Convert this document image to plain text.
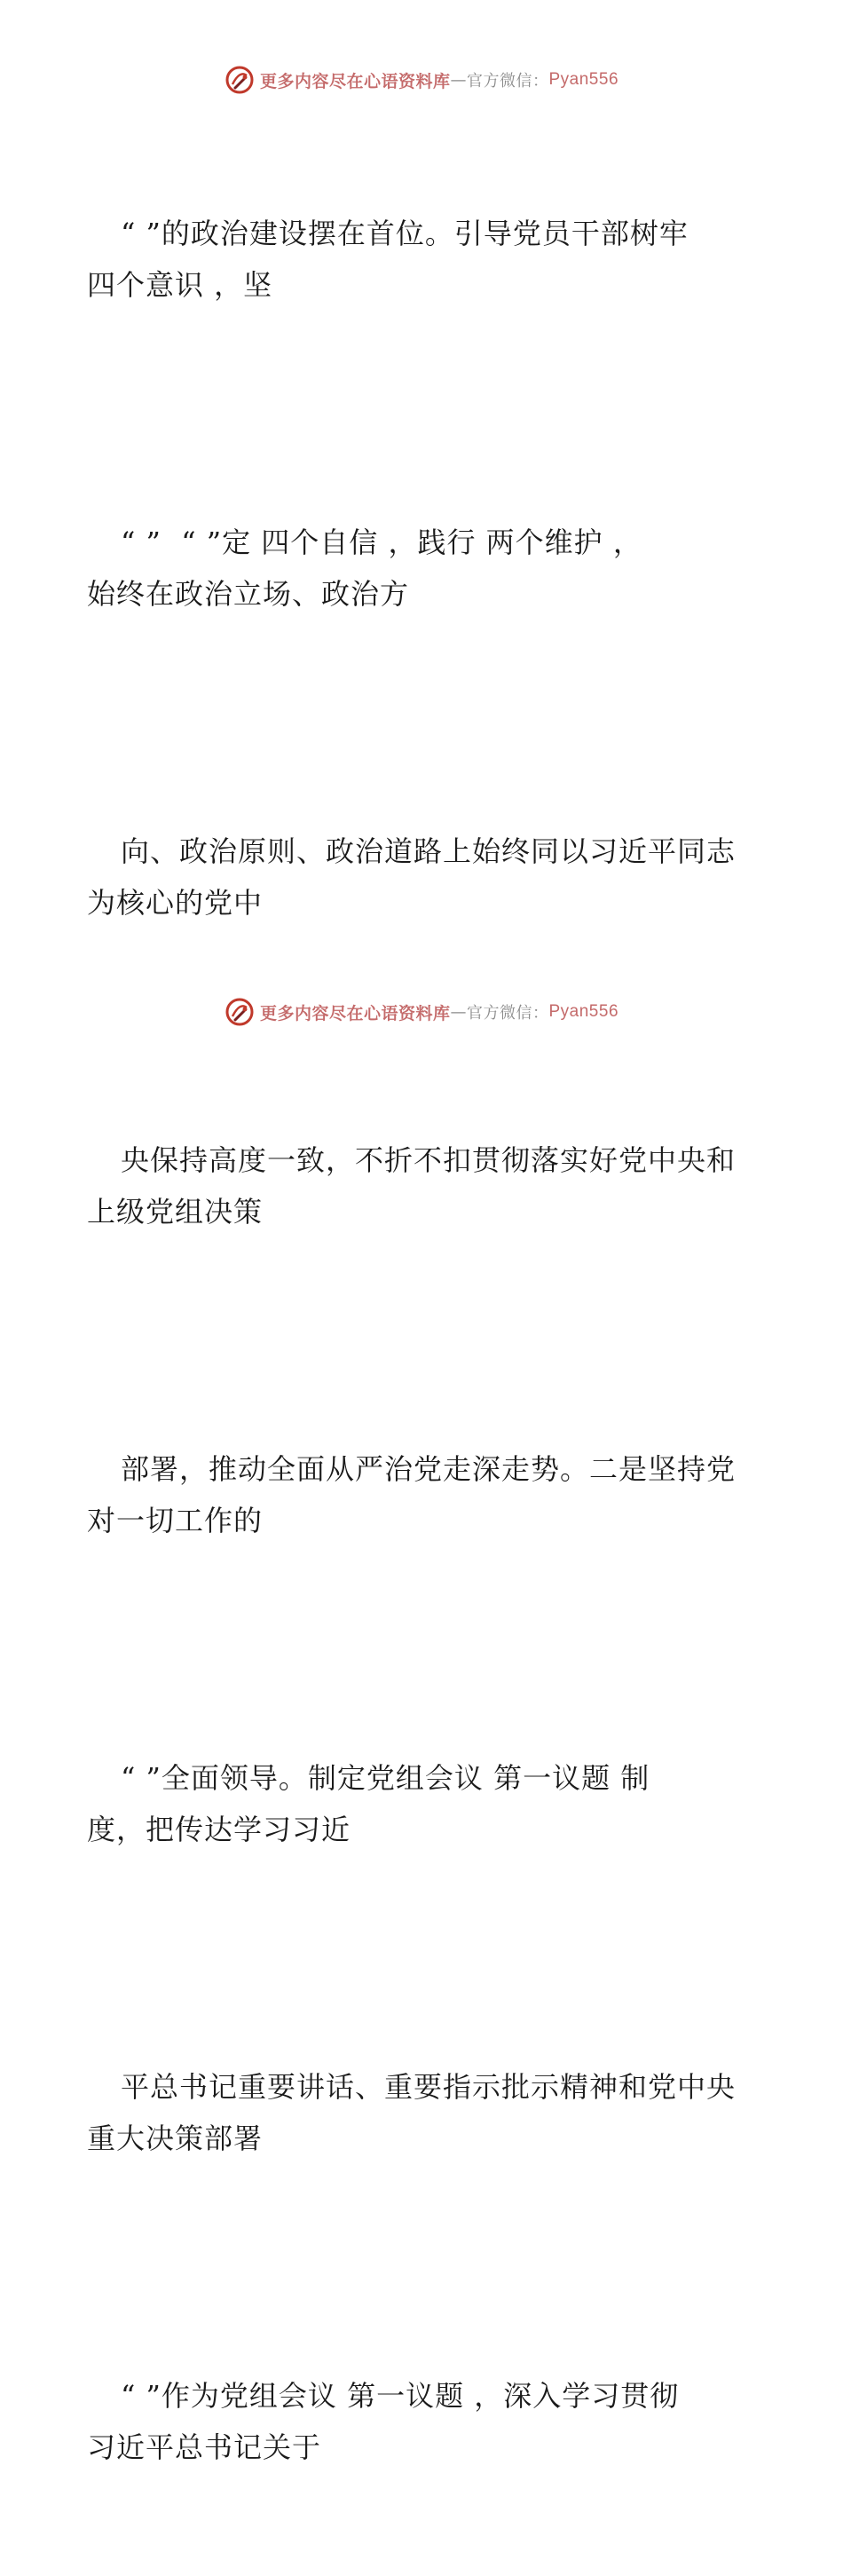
更多内容尽在心语资料库 — 官方微信： Pyan556

“ ”的政治建设摆在首位。引导党员干部树牢
四个意识 ，坚

“ ”  “ ”定 四个自信 ，践行 两个维护 ，
始终在政治立场、政治方

向、政治原则、政治道路上始终同以习近平同志
为核心的党中

央保持高度一致，不折不扣贯彻落实好党中央和
上级党组决策

部署，推动全面从严治党走深走势。二是坚持党
对一切工作的

“ ”全面领导。制定党组会议 第一议题 制
度，把传达学习习近

平总书记重要讲话、重要指示批示精神和党中央
重大决策部署

“ ”作为党组会议 第一议题 ，深入学习贯彻
习近平总书记关于

更多内容尽在心语资料库 — 官方微信： Pyan556
